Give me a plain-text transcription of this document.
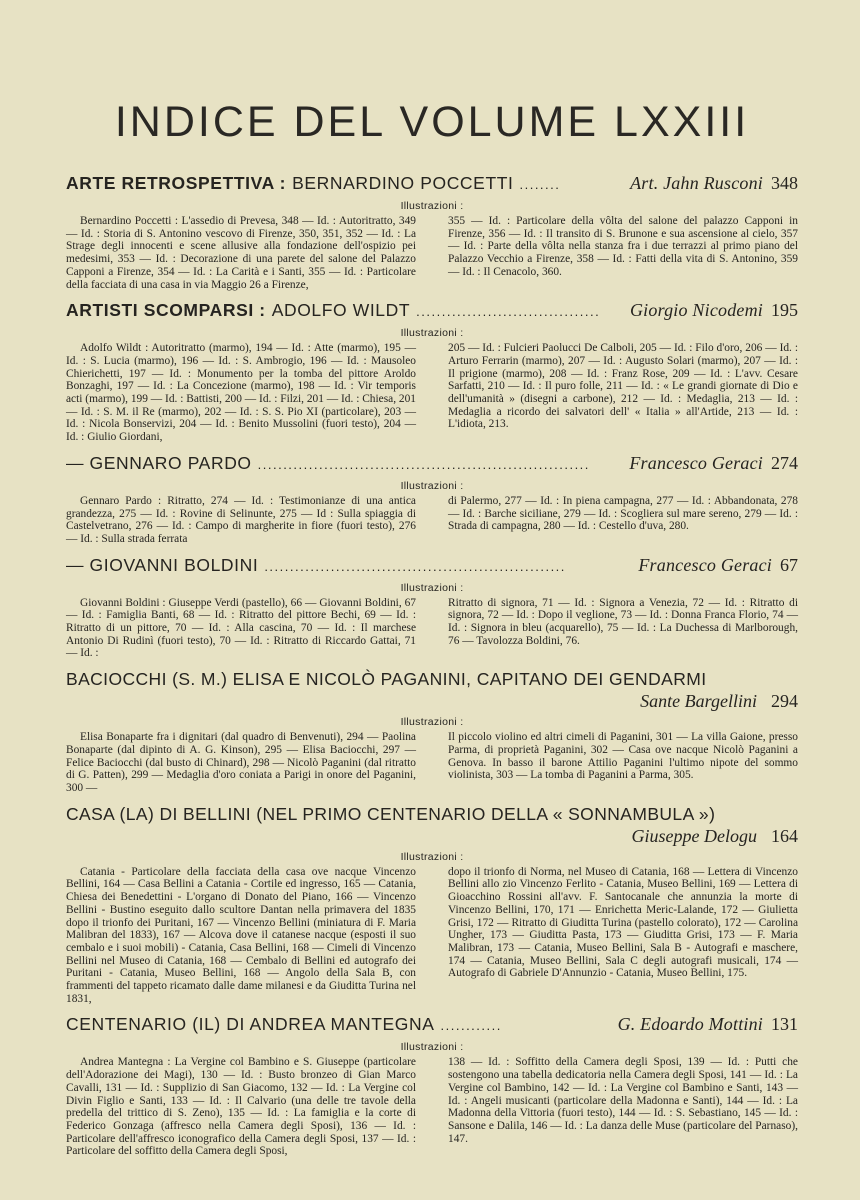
INDICE DEL VOLUME LXXIII
ARTE RETROSPETTIVA : BERNARDINO POCCETTI ........	Art. Jahn Rusconi 348
Illustrazioni :

Bernardino Poccetti : L'assedio di Prevesa, 348 — Id. : Autoritratto, 349 — Id. : Storia di S. Antonino vescovo di Firenze, 350, 351, 352 — Id. : La Strage degli innocenti e scene allusive alla fondazione dell'ospizio pei medesimi, 353 — Id. : Decorazione di una parete del salone del Palazzo Capponi a Firenze, 354 — Id. : La Carità e i Santi, 355 — Id. : Particolare della facciata di una casa in via Maggio 26 a Firenze,

355 — Id. : Particolare della vôlta del salone del palazzo Capponi in Firenze, 356 — Id. : Il transito di S. Brunone e sua ascensione al cielo, 357 — Id. : Parte della vôlta nella stanza fra i due terrazzi al primo piano del Palazzo Vecchio a Firenze, 358 — Id. : Fatti della vita di S. Antonino, 359 — Id. : Il Cenacolo, 360.

ARTISTI SCOMPARSI : ADOLFO WILDT ....................................	Giorgio Nicodemi 195
Illustrazioni :

Adolfo Wildt : Autoritratto (marmo), 194 — Id. : Atte (marmo), 195 — Id. : S. Lucia (marmo), 196 — Id. : S. Ambrogio, 196 — Id. : Mausoleo Chierichetti, 197 — Id. : Monumento per la tomba del pittore Aroldo Bonzaghi, 197 — Id. : La Concezione (marmo), 198 — Id. : Vir temporis acti (marmo), 199 — Id. : Battisti, 200 — Id. : Filzi, 201 — Id. : Chiesa, 201 — Id. : S. M. il Re (marmo), 202 — Id. : S. S. Pio XI (particolare), 203 — Id. : Nicola Bonservizi, 204 — Id. : Benito Mussolini (fuori testo), 204 — Id. : Giulio Giordani,

205 — Id. : Fulcieri Paolucci De Calboli, 205 — Id. : Filo d'oro, 206 — Id. : Arturo Ferrarin (marmo), 207 — Id. : Augusto Solari (marmo), 207 — Id. : Il prigione (marmo), 208 — Id. : Franz Rose, 209 — Id. : L'avv. Cesare Sarfatti, 210 — Id. : Il puro folle, 211 — Id. : « Le grandi giornate di Dio e dell'umanità » (disegni a carbone), 212 — Id. : Medaglia, 213 — Id. : Medaglia a ricordo dei salvatori dell' « Italia » all'Artide, 213 — Id. : L'idiota, 213.

— GENNARO PARDO .................................................................	Francesco Geraci 274
Illustrazioni :

Gennaro Pardo : Ritratto, 274 — Id. : Testimonianze di una antica grandezza, 275 — Id. : Rovine di Selinunte, 275 — Id : Sulla spiaggia di Castelvetrano, 276 — Id. : Campo di margherite in fiore (fuori testo), 276 — Id. : Sulla strada ferrata

di Palermo, 277 — Id. : In piena campagna, 277 — Id. : Abbandonata, 278 — Id. : Barche siciliane, 279 — Id. : Scogliera sul mare sereno, 279 — Id. : Strada di campagna, 280 — Id. : Cestello d'uva, 280.

— GIOVANNI BOLDINI ...........................................................	Francesco Geraci 67
Illustrazioni :

Giovanni Boldini : Giuseppe Verdi (pastello), 66 — Giovanni Boldini, 67 — Id. : Famiglia Banti, 68 — Id. : Ritratto del pittore Bechi, 69 — Id. : Ritratto di un pittore, 70 — Id. : Alla cascina, 70 — Id. : Il marchese Antonio Di Rudinì (fuori testo), 70 — Id. : Ritratto di Riccardo Gattai, 71 — Id. :

Ritratto di signora, 71 — Id. : Signora a Venezia, 72 — Id. : Ritratto di signora, 72 — Id. : Dopo il veglione, 73 — Id. : Donna Franca Florio, 74 — Id. : Signora in bleu (acquarello), 75 — Id. : La Duchessa di Marlborough, 76 — Tavolozza Boldini, 76.

BACIOCCHI (S. M.) ELISA E NICOLÒ PAGANINI, CAPITANO DEI GENDARMI
Sante Bargellini 294
Illustrazioni :

Elisa Bonaparte fra i dignitari (dal quadro di Benvenuti), 294 — Paolina Bonaparte (dal dipinto di A. G. Kinson), 295 — Elisa Baciocchi, 297 — Felice Baciocchi (dal busto di Chinard), 298 — Nicolò Paganini (dal ritratto di G. Patten), 299 — Medaglia d'oro coniata a Parigi in onore del Paganini, 300 —

Il piccolo violino ed altri cimeli di Paganini, 301 — La villa Gaione, presso Parma, di proprietà Paganini, 302 — Casa ove nacque Nicolò Paganini a Genova. In basso il barone Attilio Paganini l'ultimo nipote del sommo violinista, 303 — La tomba di Paganini a Parma, 305.

CASA (LA) DI BELLINI (NEL PRIMO CENTENARIO DELLA « SONNAMBULA »)
Giuseppe Delogu 164
Illustrazioni :

Catania - Particolare della facciata della casa ove nacque Vincenzo Bellini, 164 — Casa Bellini a Catania - Cortile ed ingresso, 165 — Catania, Chiesa dei Benedettini - L'organo di Donato del Piano, 166 — Vincenzo Bellini - Bustino eseguito dallo scultore Dantan nella primavera del 1835 dopo il trionfo dei Puritani, 167 — Vincenzo Bellini (miniatura di F. Maria Malibran del 1833), 167 — Alcova dove il catanese nacque (esposti il suo cembalo e i suoi mobili) - Catania, Casa Bellini, 168 — Cimeli di Vincenzo Bellini nel Museo di Catania, 168 — Cembalo di Bellini ed autografo dei Puritani - Catania, Museo Bellini, 168 — Angolo della Sala B, con frammenti del tappeto ricamato dalle dame milanesi e da Giuditta Turina nel 1831,

dopo il trionfo di Norma, nel Museo di Catania, 168 — Lettera di Vincenzo Bellini allo zio Vincenzo Ferlito - Catania, Museo Bellini, 169 — Lettera di Gioacchino Rossini all'avv. F. Santocanale che annunzia la morte di Vincenzo Bellini, 170, 171 — Enrichetta Meric-Lalande, 172 — Giulietta Grisi, 172 — Ritratto di Giuditta Turina (pastello colorato), 172 — Carolina Ungher, 173 — Giuditta Pasta, 173 — Giuditta Grisi, 173 — F. Maria Malibran, 173 — Catania, Museo Bellini, Sala B - Autografi e maschere, 174 — Catania, Museo Bellini, Sala C degli autografi musicali, 174 — Autografo di Gabriele D'Annunzio - Catania, Museo Bellini, 175.

CENTENARIO (IL) DI ANDREA MANTEGNA ............	G. Edoardo Mottini 131
Illustrazioni :

Andrea Mantegna : La Vergine col Bambino e S. Giuseppe (particolare dell'Adorazione dei Magi), 130 — Id. : Busto bronzeo di Gian Marco Cavalli, 131 — Id. : Supplizio di San Giacomo, 132 — Id. : La Vergine col Divin Figlio e Santi, 133 — Id. : Il Calvario (una delle tre tavole della predella del trittico di S. Zeno), 135 — Id. : La famiglia e la corte di Federico Gonzaga (affresco nella Camera degli Sposi), 136 — Id. : Particolare dell'affresco iconografico della Camera degli Sposi, 137 — Id. : Particolare del soffitto della Camera degli Sposi,

138 — Id. : Soffitto della Camera degli Sposi, 139 — Id. : Putti che sostengono una tabella dedicatoria nella Camera degli Sposi, 141 — Id. : La Vergine col Bambino, 142 — Id. : La Vergine col Bambino e Santi, 143 — Id. : Angeli musicanti (particolare della Madonna e Santi), 144 — Id. : La Madonna della Vittoria (fuori testo), 144 — Id. : S. Sebastiano, 145 — Id. : Sansone e Dalila, 146 — Id. : La danza delle Muse (particolare del Parnaso), 147.
